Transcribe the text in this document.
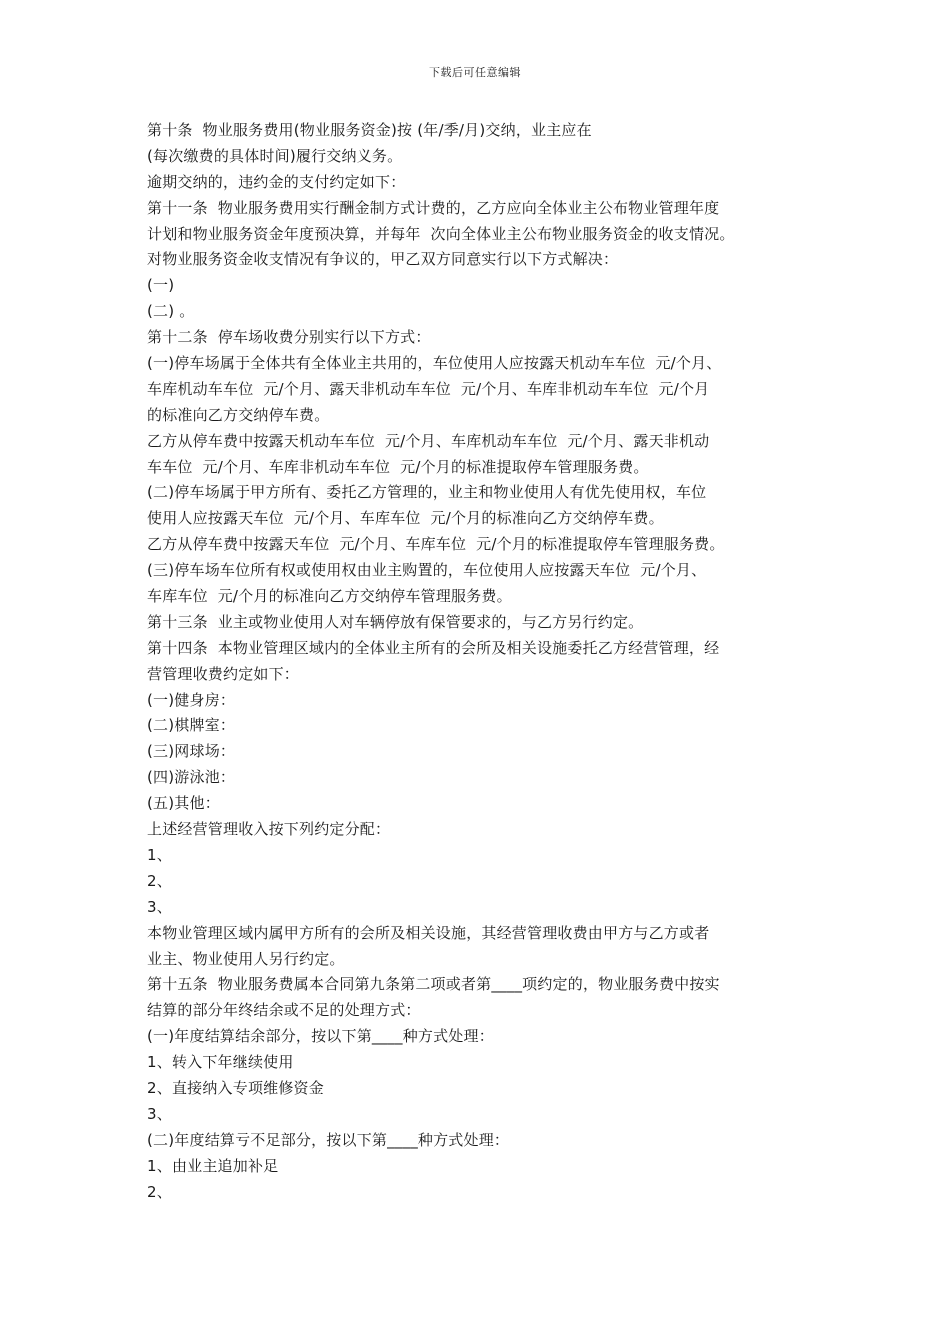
下载后可任意编辑
第十条  物业服务费用(物业服务资金)按 (年/季/月)交纳，业主应在
(每次缴费的具体时间)履行交纳义务。
逾期交纳的，违约金的支付约定如下：
第十一条  物业服务费用实行酬金制方式计费的，乙方应向全体业主公布物业管理年度
计划和物业服务资金年度预决算，并每年  次向全体业主公布物业服务资金的收支情况。
对物业服务资金收支情况有争议的，甲乙双方同意实行以下方式解决：
(一)
(二) 。
第十二条  停车场收费分别实行以下方式：
(一)停车场属于全体共有全体业主共用的，车位使用人应按露天机动车车位  元/个月、
车库机动车车位  元/个月、露天非机动车车位  元/个月、车库非机动车车位  元/个月
的标准向乙方交纳停车费。
乙方从停车费中按露天机动车车位  元/个月、车库机动车车位  元/个月、露天非机动
车车位  元/个月、车库非机动车车位  元/个月的标准提取停车管理服务费。
(二)停车场属于甲方所有、委托乙方管理的，业主和物业使用人有优先使用权，车位
使用人应按露天车位  元/个月、车库车位  元/个月的标准向乙方交纳停车费。
乙方从停车费中按露天车位  元/个月、车库车位  元/个月的标准提取停车管理服务费。
(三)停车场车位所有权或使用权由业主购置的，车位使用人应按露天车位  元/个月、
车库车位  元/个月的标准向乙方交纳停车管理服务费。
第十三条  业主或物业使用人对车辆停放有保管要求的，与乙方另行约定。
第十四条  本物业管理区域内的全体业主所有的会所及相关设施委托乙方经营管理，经
营管理收费约定如下：
(一)健身房：
(二)棋牌室：
(三)网球场：
(四)游泳池：
(五)其他：
上述经营管理收入按下列约定分配：
1、
2、
3、
本物业管理区域内属甲方所有的会所及相关设施，其经营管理收费由甲方与乙方或者
业主、物业使用人另行约定。
第十五条  物业服务费属本合同第九条第二项或者第____项约定的，物业服务费中按实
结算的部分年终结余或不足的处理方式：
(一)年度结算结余部分，按以下第____种方式处理：
1、转入下年继续使用
2、直接纳入专项维修资金
3、
(二)年度结算亏不足部分，按以下第____种方式处理：
1、由业主追加补足
2、
